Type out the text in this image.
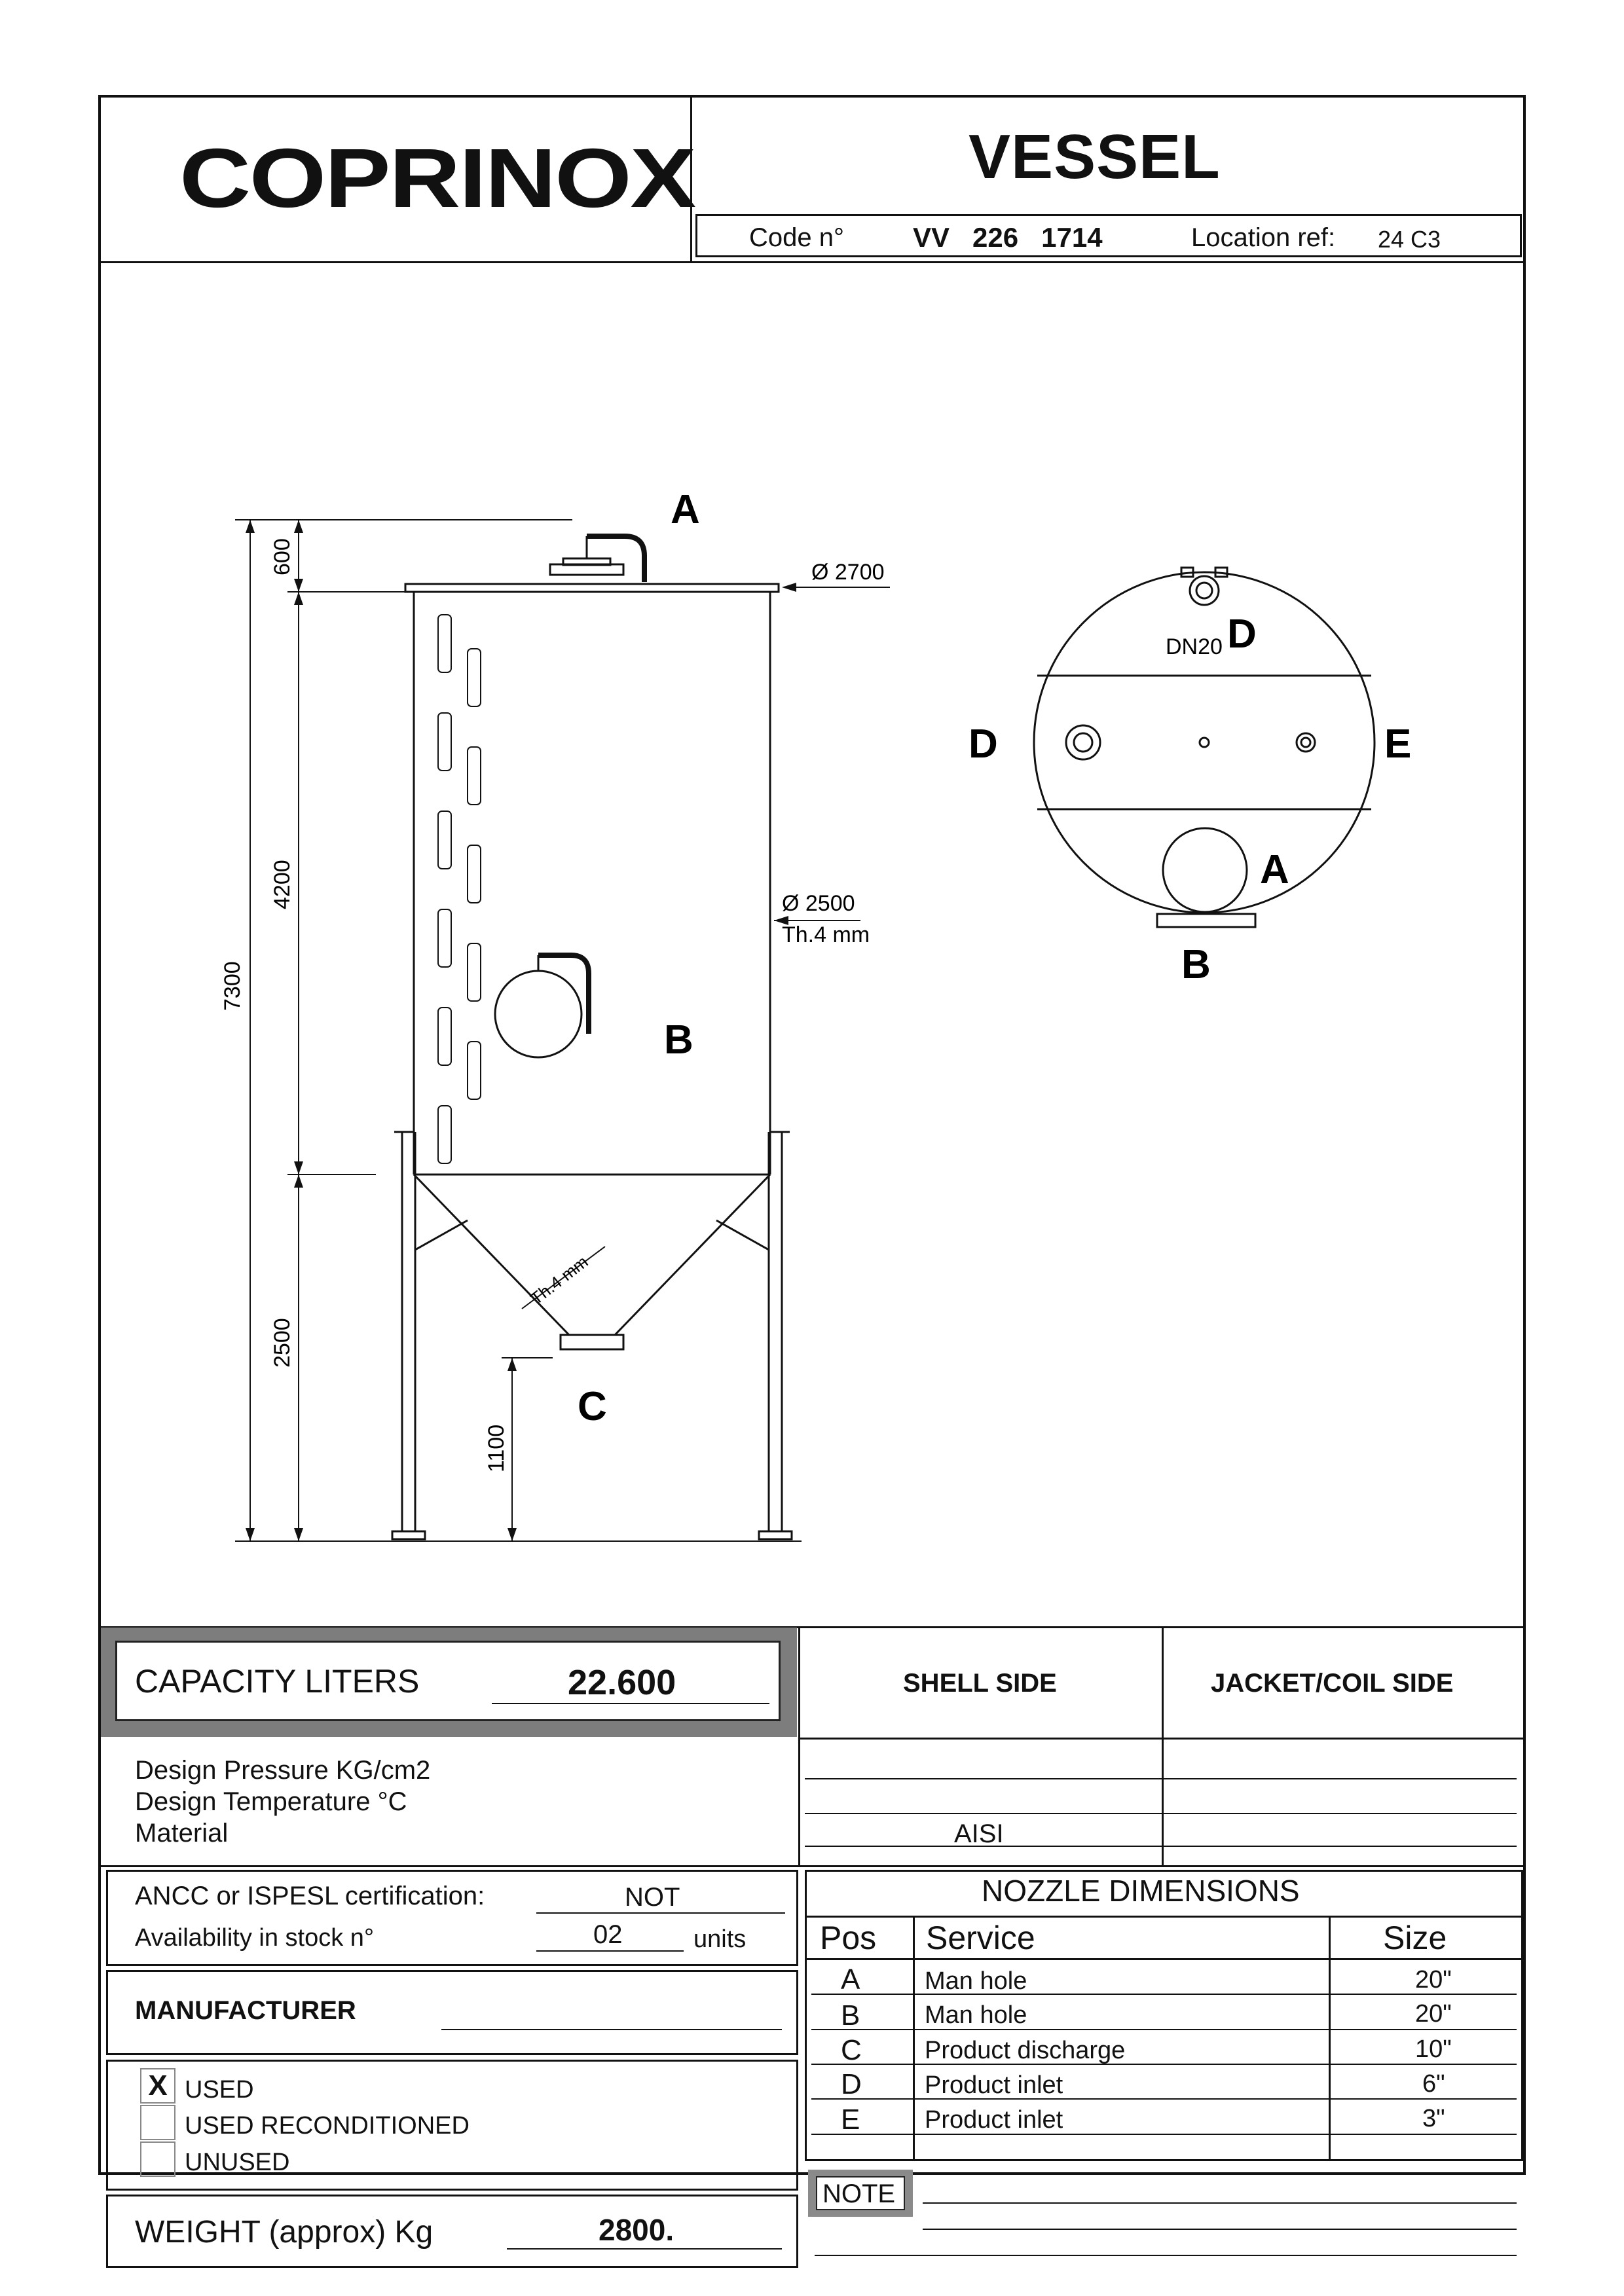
COPRINOX	VESSEL
Code n°	VV   226   1714	Location ref: 24 C3
A
B
C
Ø 2700
Ø 2500
Th.4 mm
Th.4 mm
7300
600
4200
2500
1100
D
D	E
A
B
DN20
CAPACITY LITERS	22.600	SHELL SIDE	JACKET/COIL SIDE
Design Pressure KG/cm2
Design Temperature °C
Material	AISI
ANCC or ISPESL certification:	NOT
Availability in stock n°	02	units
MANUFACTURER
X USED
USED RECONDITIONED
UNUSED
WEIGHT (approx) Kg	2800.
NOZZLE DIMENSIONS
Pos Service	Size
A	Man hole	20"
B	Man hole	20"
C	Product discharge	10"
D	Product inlet	6"
E	Product inlet	3"
NOTE
